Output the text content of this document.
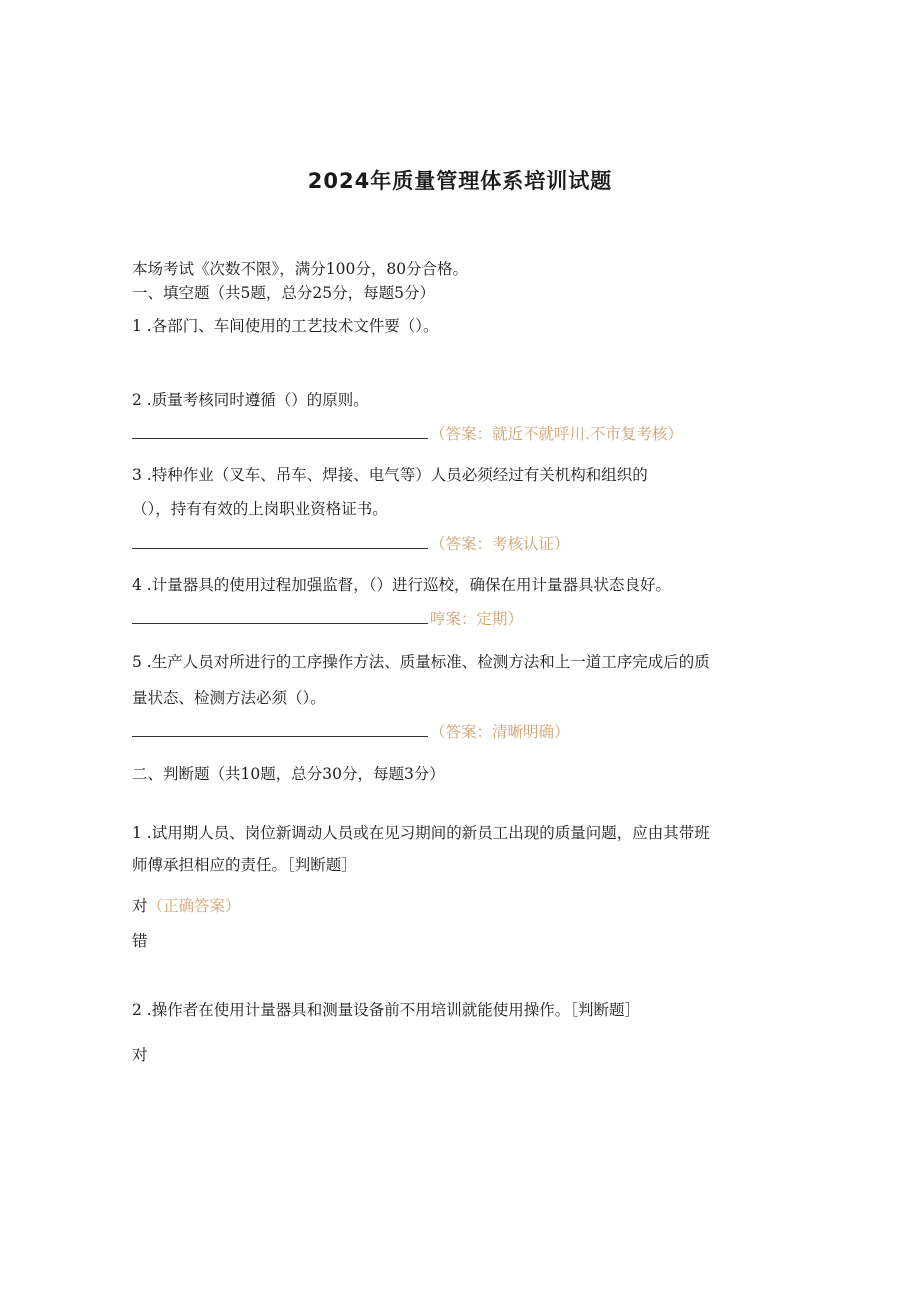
2024年质量管理体系培训试题
本场考试《次数不限》，满分100分，80分合格。
一、填空题（共5题，总分25分，每题5分）
1 .各部门、车间使用的工艺技术文件要（）。
2 .质量考核同时遵循（）的原则。
（答案：就近不就呼川.不市复考核）
3 .特种作业（叉车、吊车、焊接、电气等）人员必须经过有关机构和组织的
（），持有有效的上岗职业资格证书。
（答案：考核认证）
4 .计量器具的使用过程加强监督，（）进行巡校，确保在用计量器具状态良好。
哼案：定期）
5 .生产人员对所进行的工序操作方法、质量标准、检测方法和上一道工序完成后的质
量状态、检测方法必须（）。
（答案：清晰明确）
二、判断题（共10题，总分30分，每题3分）
1 .试用期人员、岗位新调动人员或在见习期间的新员工出现的质量问题，应由其带班
师傅承担相应的责任。［判断题］
对（正确答案）
错
2 .操作者在使用计量器具和测量设备前不用培训就能使用操作。［判断题］
对
